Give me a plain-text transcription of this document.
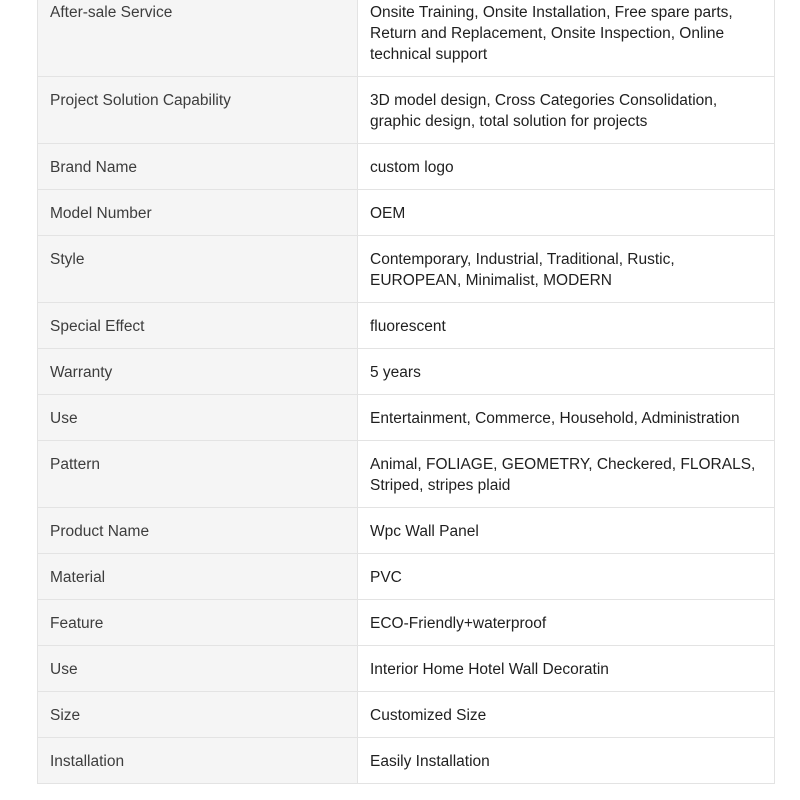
After-sale Service	Onsite Training, Onsite Installation, Free spare parts, Return and Replacement, Onsite Inspection, Online technical support
Project Solution Capability	3D model design, Cross Categories Consolidation, graphic design, total solution for projects
Brand Name	custom logo
Model Number	OEM
Style	Contemporary, Industrial, Traditional, Rustic, EUROPEAN, Minimalist, MODERN
Special Effect	fluorescent
Warranty	5 years
Use	Entertainment, Commerce, Household, Administration
Pattern	Animal, FOLIAGE, GEOMETRY, Checkered, FLORALS, Striped, stripes plaid
Product Name	Wpc Wall Panel
Material	PVC
Feature	ECO-Friendly+waterproof
Use	Interior Home Hotel Wall Decoratin
Size	Customized Size
Installation	Easily Installation
